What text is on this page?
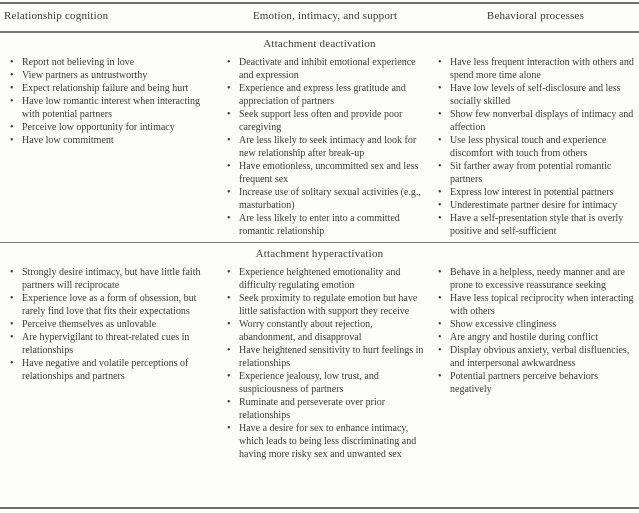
Relationship cognition	Emotion, intimacy, and support	Behavioral processes
Attachment deactivation
• Report not believing in love
• View partners as untrustworthy
• Expect relationship failure and being hurt
• Have low romantic interest when interacting with potential partners
• Perceive low opportunity for intimacy
• Have low commitment
• Deactivate and inhibit emotional experience and expression
• Experience and express less gratitude and appreciation of partners
• Seek support less often and provide poor caregiving
• Are less likely to seek intimacy and look for new relationship after break-up
• Have emotionless, uncommitted sex and less frequent sex
• Increase use of solitary sexual activities (e.g., masturbation)
• Are less likely to enter into a committed romantic relationship
• Have less frequent interaction with others and spend more time alone
• Have low levels of self-disclosure and less socially skilled
• Show few nonverbal displays of intimacy and affection
• Use less physical touch and experience discomfort with touch from others
• Sit farther away from potential romantic partners
• Express low interest in potential partners
• Underestimate partner desire for intimacy
• Have a self-presentation style that is overly positive and self-sufficient
Attachment hyperactivation
• Strongly desire intimacy, but have little faith partners will reciprocate
• Experience love as a form of obsession, but rarely find love that fits their expectations
• Perceive themselves as unlovable
• Are hypervigilant to threat-related cues in relationships
• Have negative and volatile perceptions of relationships and partners
• Experience heightened emotionality and difficulty regulating emotion
• Seek proximity to regulate emotion but have little satisfaction with support they receive
• Worry constantly about rejection, abandonment, and disapproval
• Have heightened sensitivity to hurt feelings in relationships
• Experience jealousy, low trust, and suspiciousness of partners
• Ruminate and perseverate over prior relationships
• Have a desire for sex to enhance intimacy, which leads to being less discriminating and having more risky sex and unwanted sex
• Behave in a helpless, needy manner and are prone to excessive reassurance seeking
• Have less topical reciprocity when interacting with others
• Show excessive clinginess
• Are angry and hostile during conflict
• Display obvious anxiety, verbal disfluencies, and interpersonal awkwardness
• Potential partners perceive behaviors negatively
